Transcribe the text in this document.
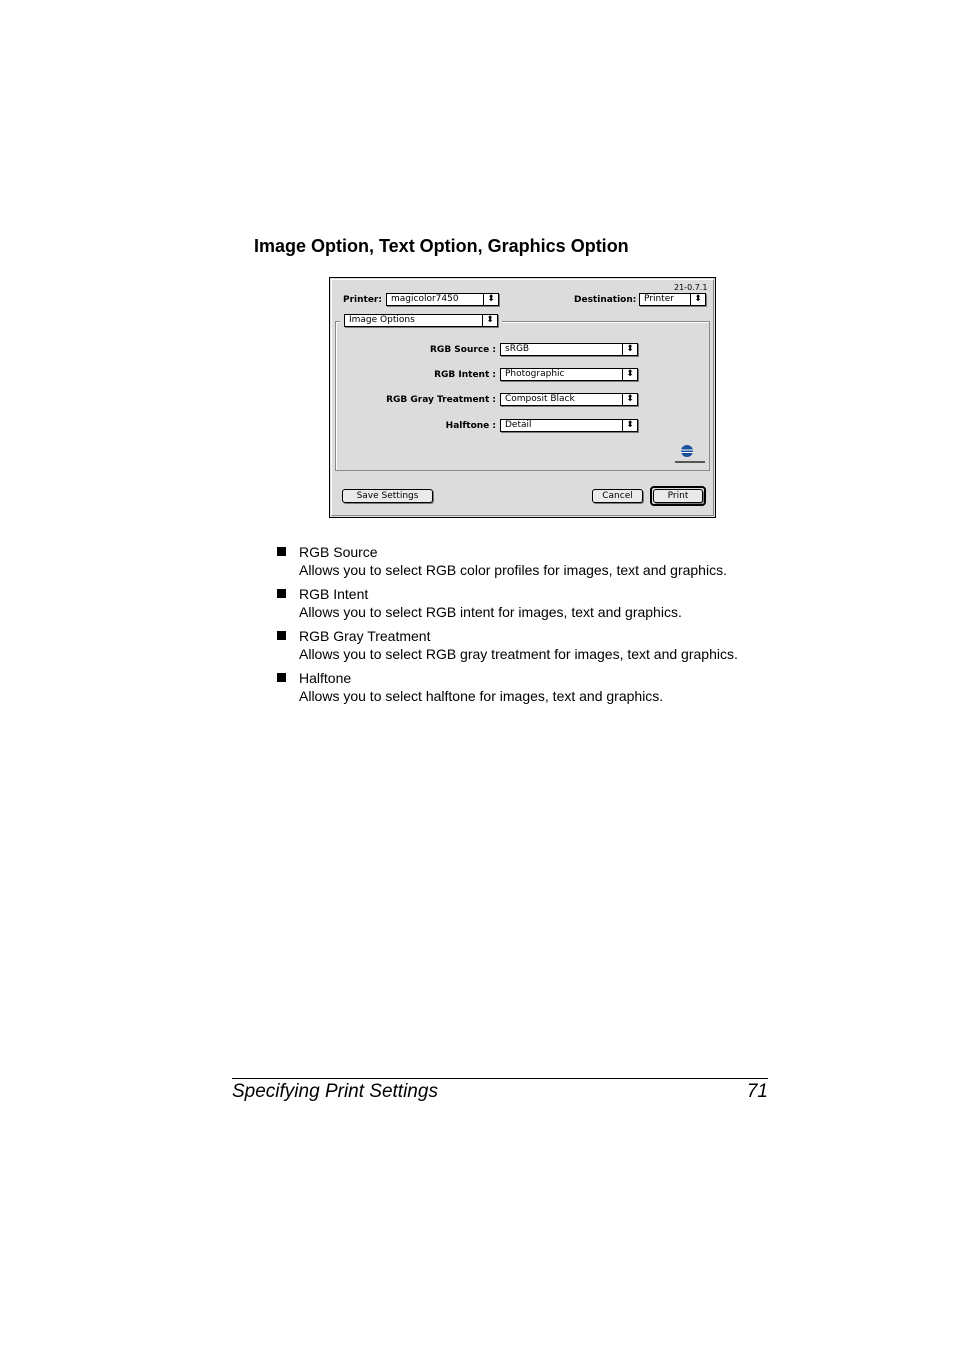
Image Option, Text Option, Graphics Option
21-0.7.1
Printer: magicolor7450	⬍	Destination: Printer	⬍
Image Options	⬍
RGB Source : sRGB	⬍
RGB Intent : Photographic	⬍
RGB Gray Treatment : Composit Black	⬍
Halftone : Detail	⬍
Save Settings	Cancel	Print
RGB Source
Allows you to select RGB color profiles for images, text and graphics.
RGB Intent
Allows you to select RGB intent for images, text and graphics.
RGB Gray Treatment
Allows you to select RGB gray treatment for images, text and graphics.
Halftone
Allows you to select halftone for images, text and graphics.
Specifying Print Settings	71
